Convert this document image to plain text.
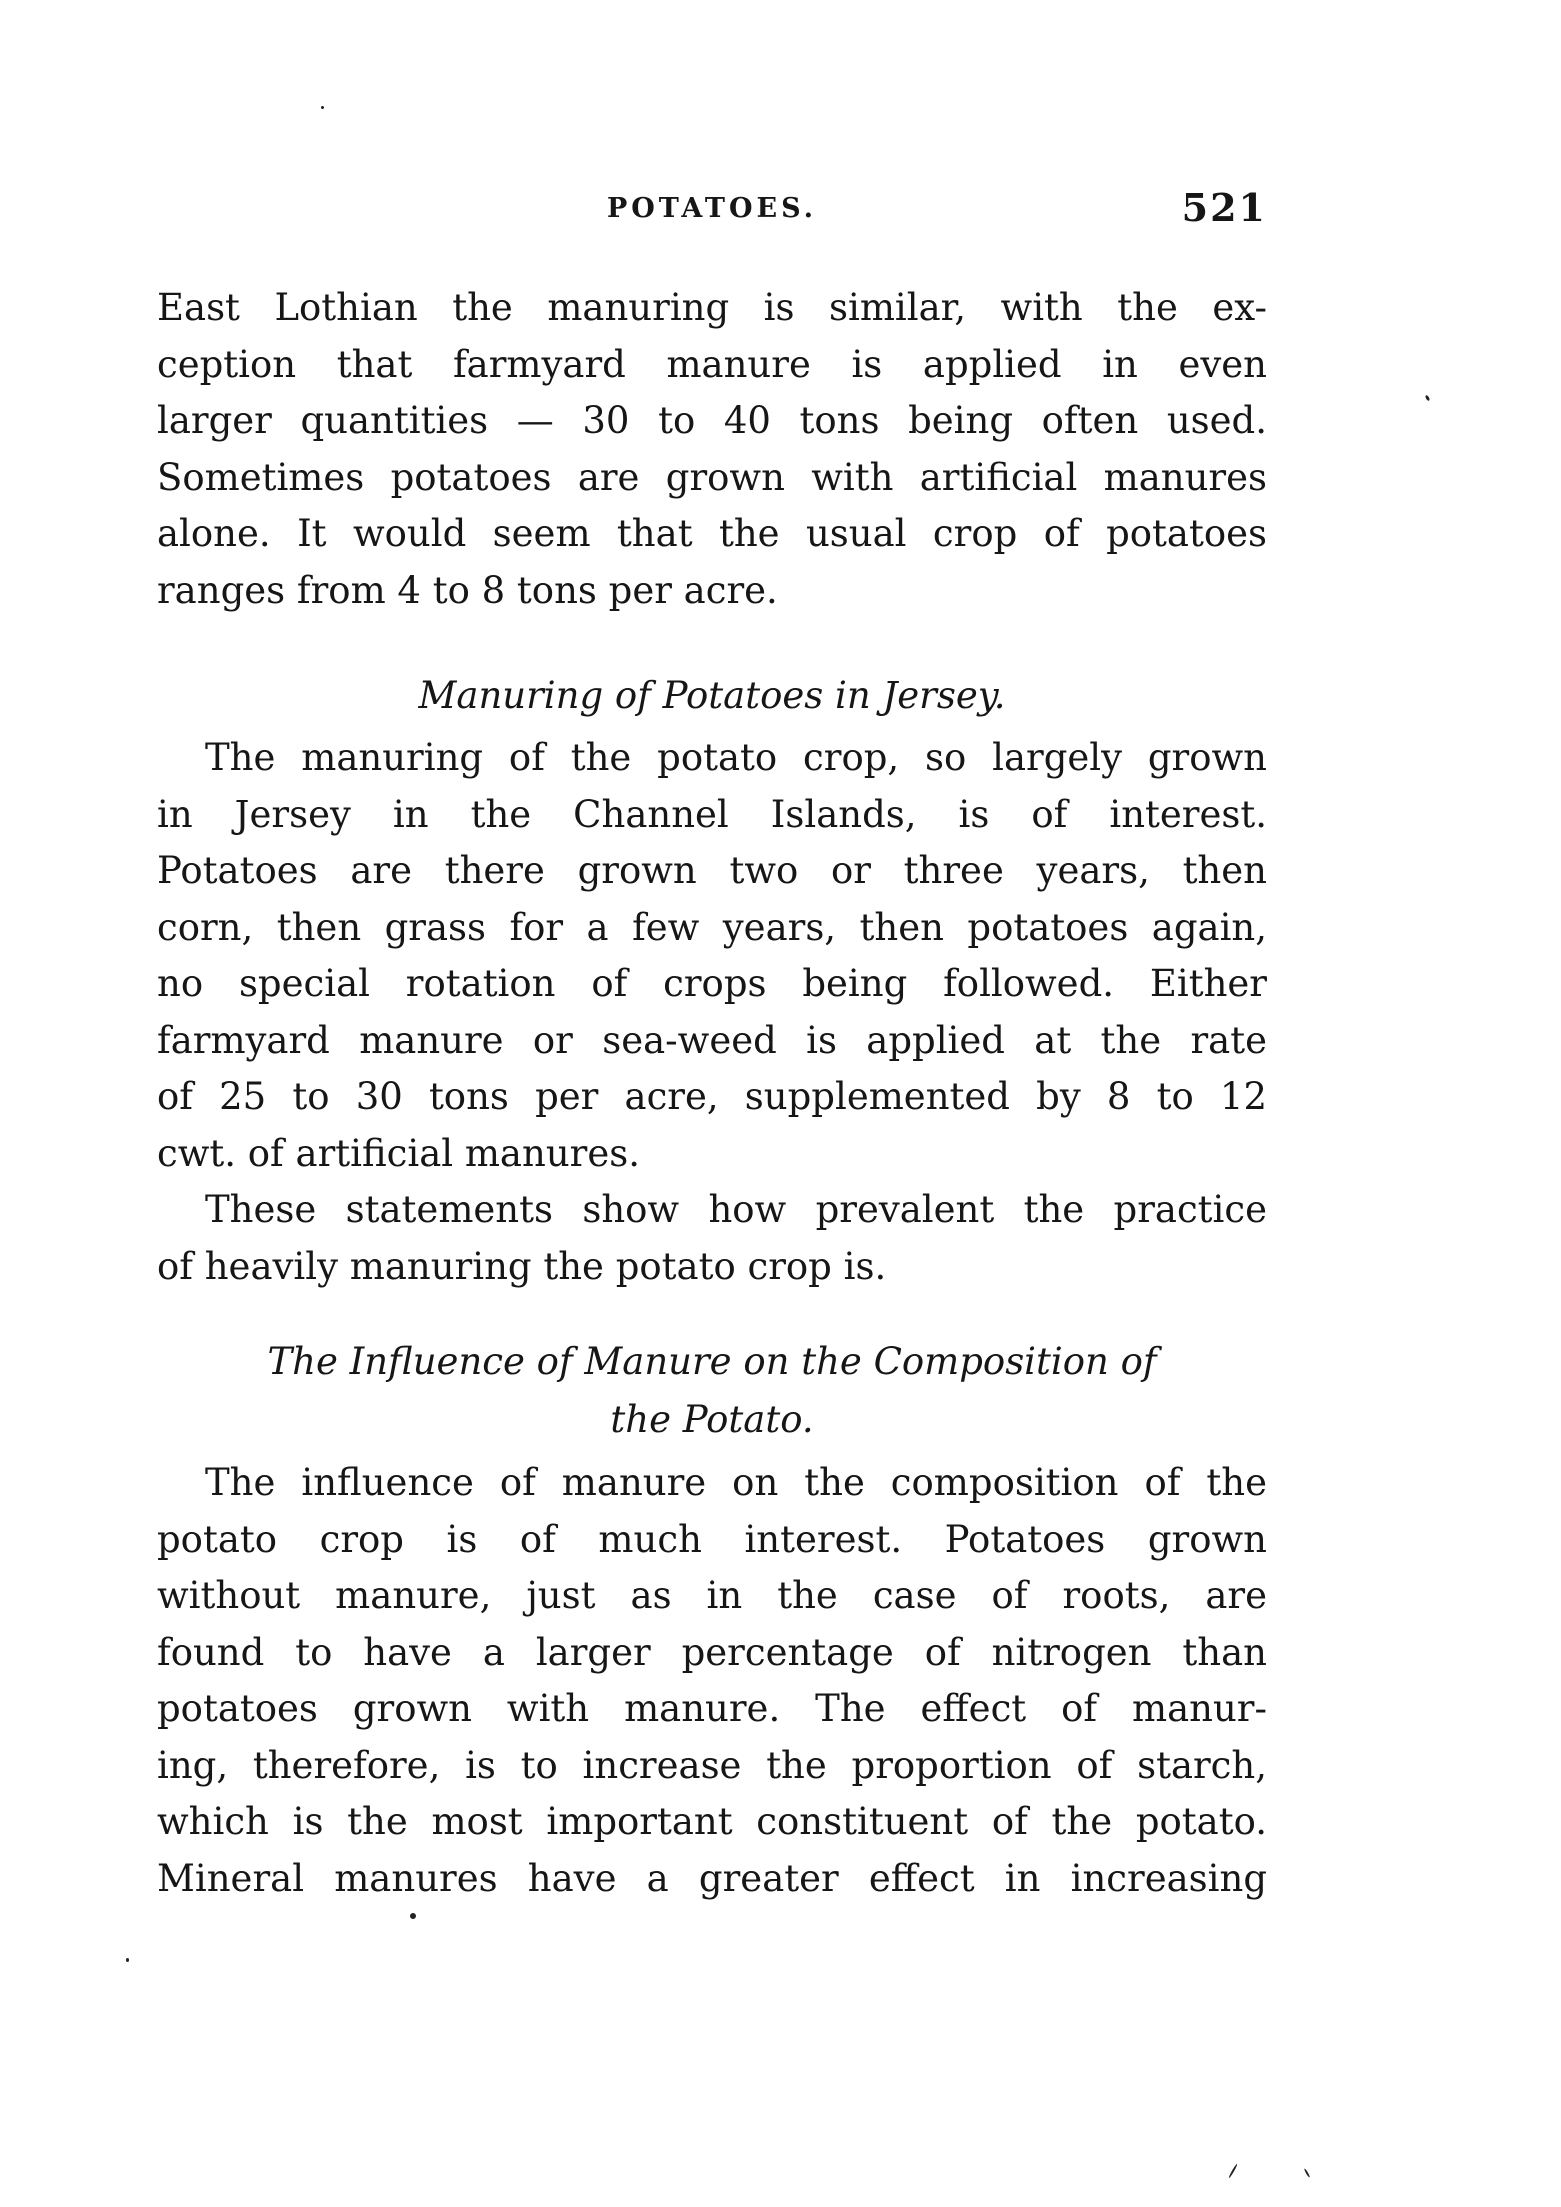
POTATOES.	521
East Lothian the manuring is similar, with the ex-
ception that farmyard manure is applied in even
larger quantities — 30 to 40 tons being often used.
Sometimes potatoes are grown with artificial manures
alone. It would seem that the usual crop of potatoes
ranges from 4 to 8 tons per acre.
Manuring of Potatoes in Jersey.
The manuring of the potato crop, so largely grown
in Jersey in the Channel Islands, is of interest.
Potatoes are there grown two or three years, then
corn, then grass for a few years, then potatoes again,
no special rotation of crops being followed. Either
farmyard manure or sea-weed is applied at the rate
of 25 to 30 tons per acre, supplemented by 8 to 12
cwt. of artificial manures.
These statements show how prevalent the practice
of heavily manuring the potato crop is.
The Influence of Manure on the Composition of
the Potato.
The influence of manure on the composition of the
potato crop is of much interest. Potatoes grown
without manure, just as in the case of roots, are
found to have a larger percentage of nitrogen than
potatoes grown with manure. The effect of manur-
ing, therefore, is to increase the proportion of starch,
which is the most important constituent of the potato.
Mineral manures have a greater effect in increasing
